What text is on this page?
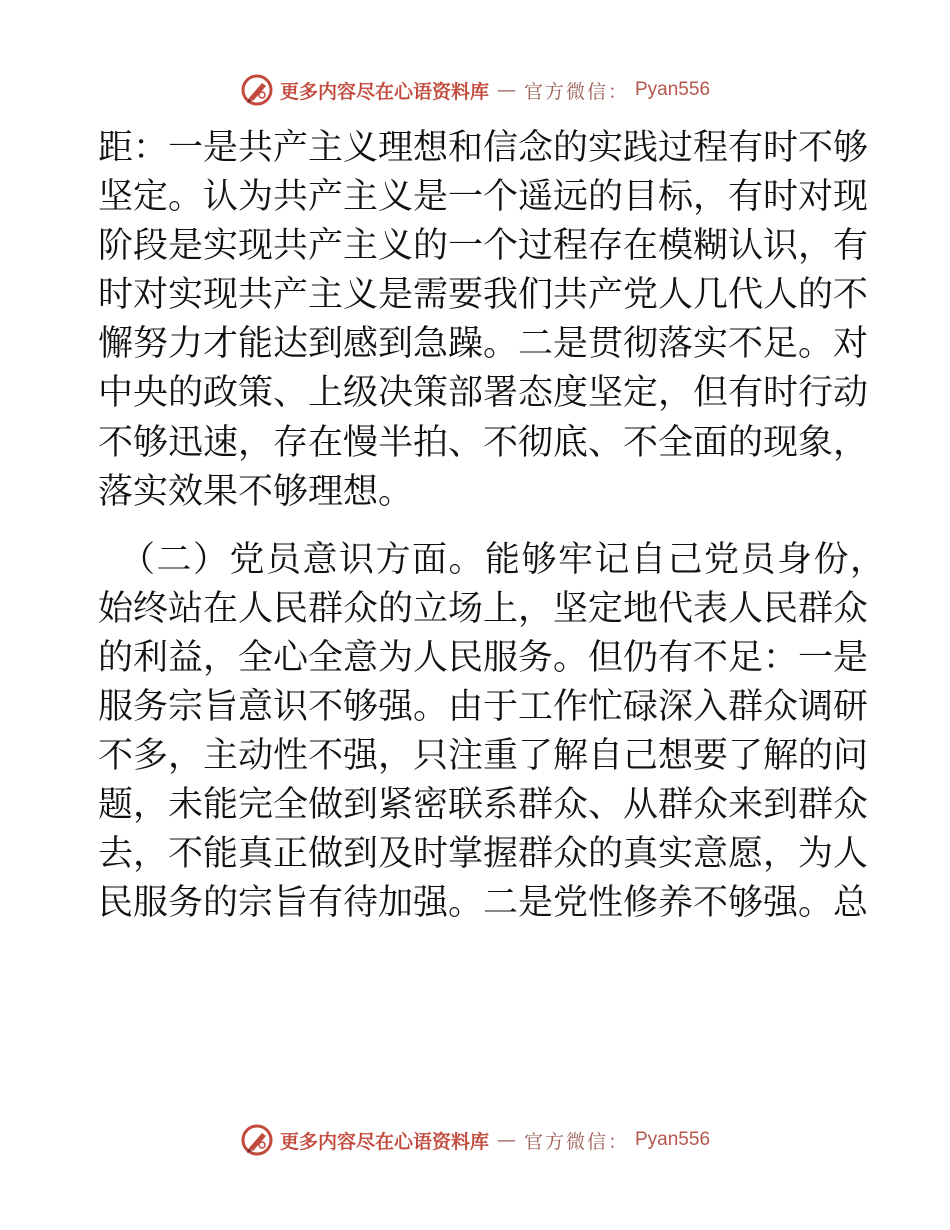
更多内容尽在心语资料库 — 官方微信： Pyan556
距：一是共产主义理想和信念的实践过程有时不够
坚定。认为共产主义是一个遥远的目标，有时对现
阶段是实现共产主义的一个过程存在模糊认识，有
时对实现共产主义是需要我们共产党人几代人的不
懈努力才能达到感到急躁。二是贯彻落实不足。对
中央的政策、上级决策部署态度坚定，但有时行动
不够迅速，存在慢半拍、不彻底、不全面的现象，
落实效果不够理想。
（二）党员意识方面。能够牢记自己党员身份，
始终站在人民群众的立场上，坚定地代表人民群众
的利益，全心全意为人民服务。但仍有不足：一是
服务宗旨意识不够强。由于工作忙碌深入群众调研
不多，主动性不强，只注重了解自己想要了解的问
题，未能完全做到紧密联系群众、从群众来到群众
去，不能真正做到及时掌握群众的真实意愿，为人
民服务的宗旨有待加强。二是党性修养不够强。总
更多内容尽在心语资料库 — 官方微信： Pyan556
